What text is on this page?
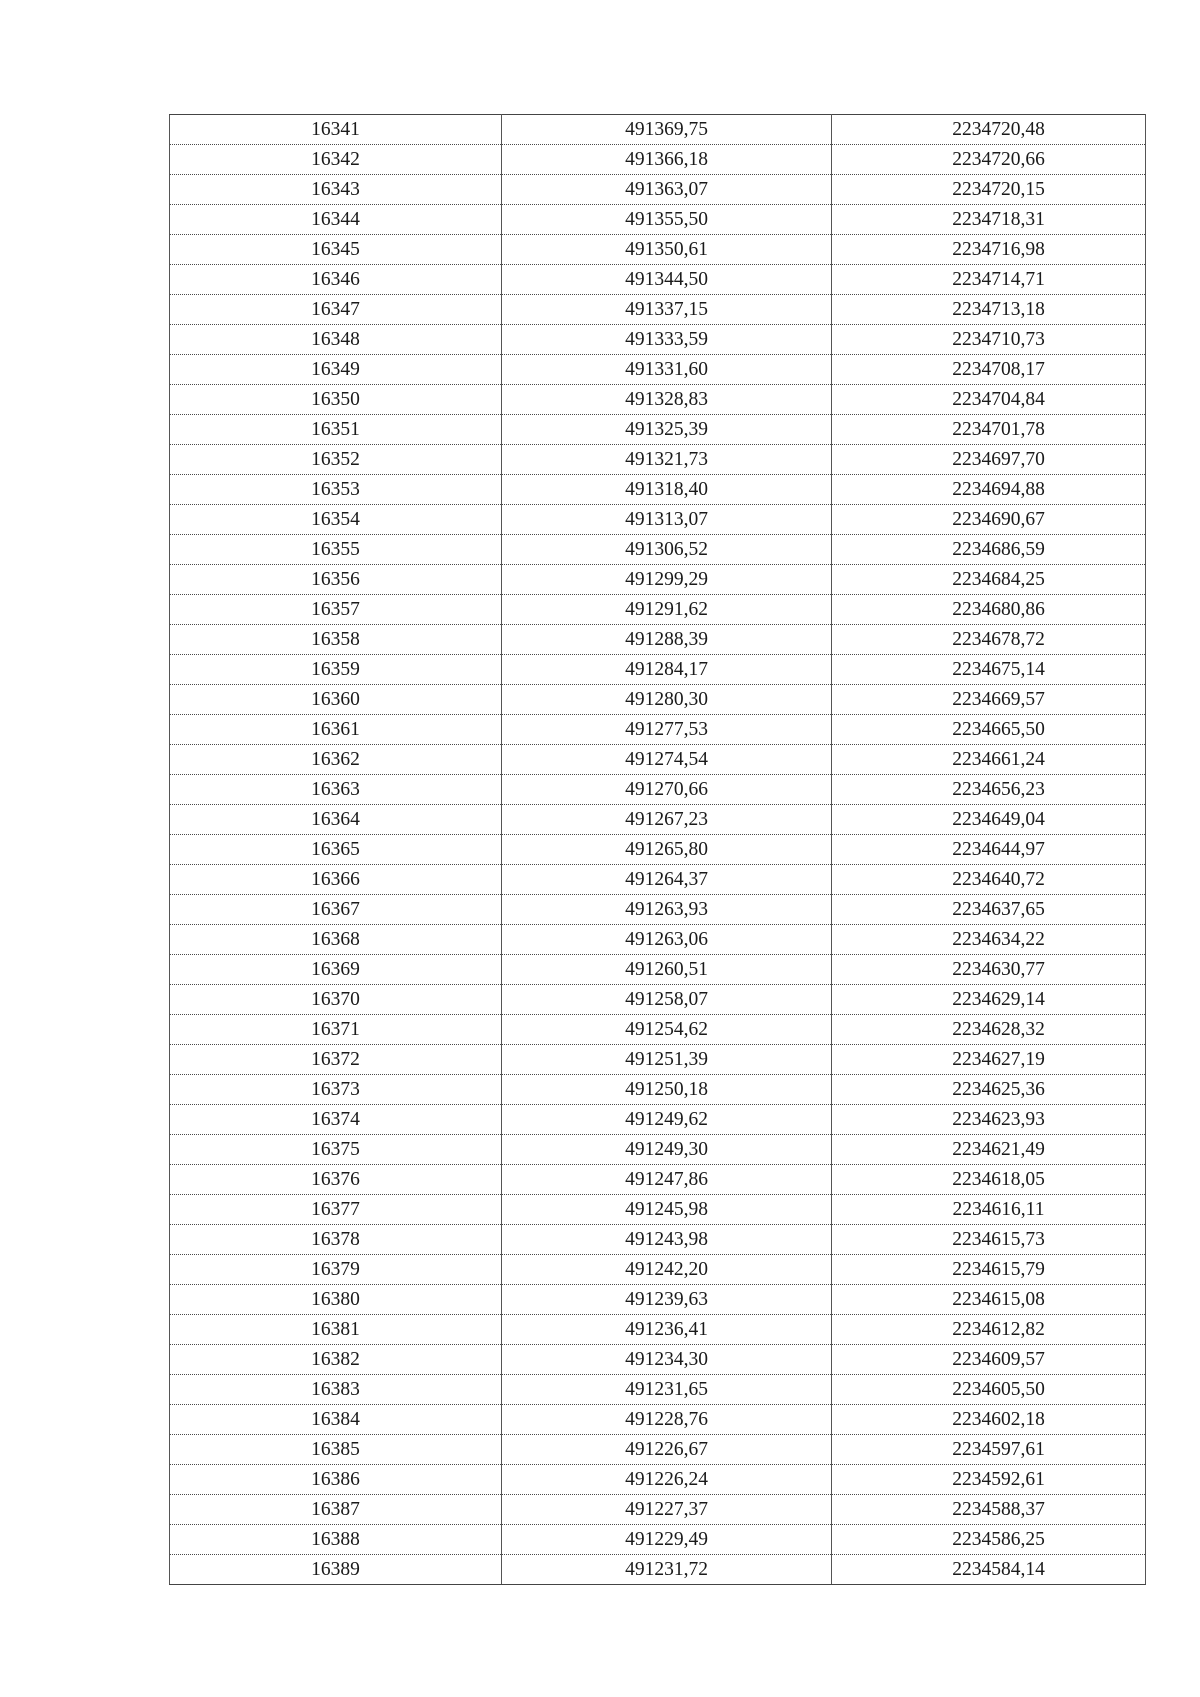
16341	491369,75	2234720,48
16342	491366,18	2234720,66
16343	491363,07	2234720,15
16344	491355,50	2234718,31
16345	491350,61	2234716,98
16346	491344,50	2234714,71
16347	491337,15	2234713,18
16348	491333,59	2234710,73
16349	491331,60	2234708,17
16350	491328,83	2234704,84
16351	491325,39	2234701,78
16352	491321,73	2234697,70
16353	491318,40	2234694,88
16354	491313,07	2234690,67
16355	491306,52	2234686,59
16356	491299,29	2234684,25
16357	491291,62	2234680,86
16358	491288,39	2234678,72
16359	491284,17	2234675,14
16360	491280,30	2234669,57
16361	491277,53	2234665,50
16362	491274,54	2234661,24
16363	491270,66	2234656,23
16364	491267,23	2234649,04
16365	491265,80	2234644,97
16366	491264,37	2234640,72
16367	491263,93	2234637,65
16368	491263,06	2234634,22
16369	491260,51	2234630,77
16370	491258,07	2234629,14
16371	491254,62	2234628,32
16372	491251,39	2234627,19
16373	491250,18	2234625,36
16374	491249,62	2234623,93
16375	491249,30	2234621,49
16376	491247,86	2234618,05
16377	491245,98	2234616,11
16378	491243,98	2234615,73
16379	491242,20	2234615,79
16380	491239,63	2234615,08
16381	491236,41	2234612,82
16382	491234,30	2234609,57
16383	491231,65	2234605,50
16384	491228,76	2234602,18
16385	491226,67	2234597,61
16386	491226,24	2234592,61
16387	491227,37	2234588,37
16388	491229,49	2234586,25
16389	491231,72	2234584,14
